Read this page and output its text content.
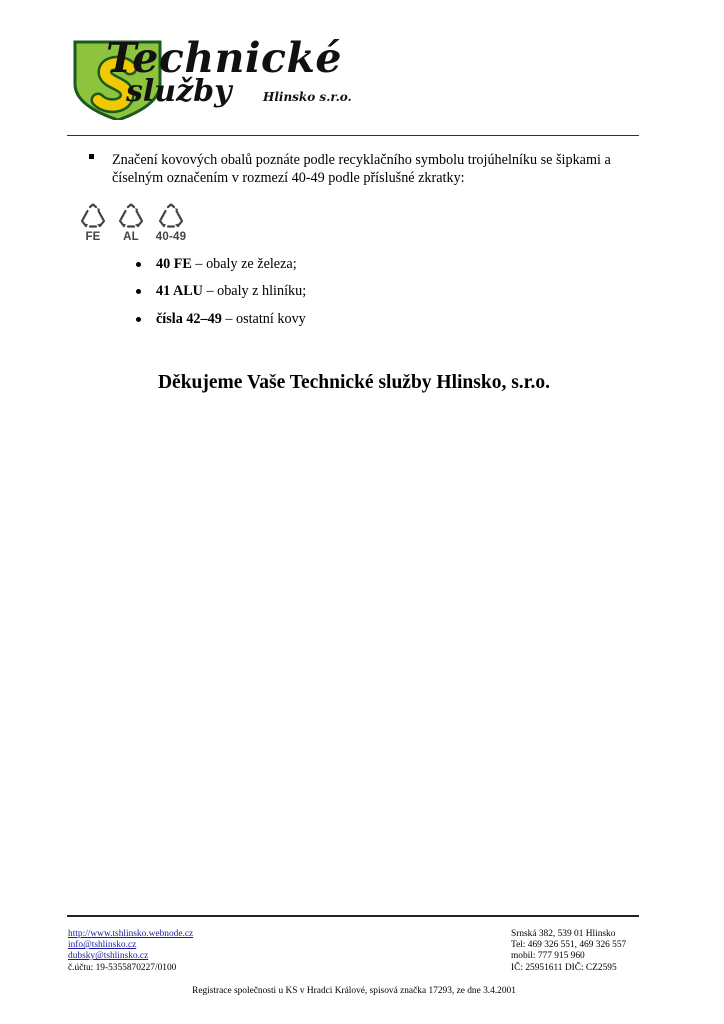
Technické
služby	Hlinsko s.r.o.
Značení kovových obalů poznáte podle recyklačního symbolu trojúhelníku se šipkami a číselným označením v rozmezí 40-49 podle příslušné zkratky:
FE	AL	40-49
40 FE – obaly ze železa;
41 ALU – obaly z hliníku;
čísla 42–49 – ostatní kovy
Děkujeme Vaše Technické služby Hlinsko, s.r.o.
http://www.tshlinsko.webnode.cz
info@tshlinsko.cz
dubsky@tshlinsko.cz
č.účtu: 19-5355870227/0100
Srnská 382, 539 01 Hlinsko
Tel: 469 326 551, 469 326 557
mobil: 777 915 960
IČ: 25951611 DIČ: CZ2595
Registrace společnosti u KS v Hradci Králové, spisová značka 17293, ze dne 3.4.2001
